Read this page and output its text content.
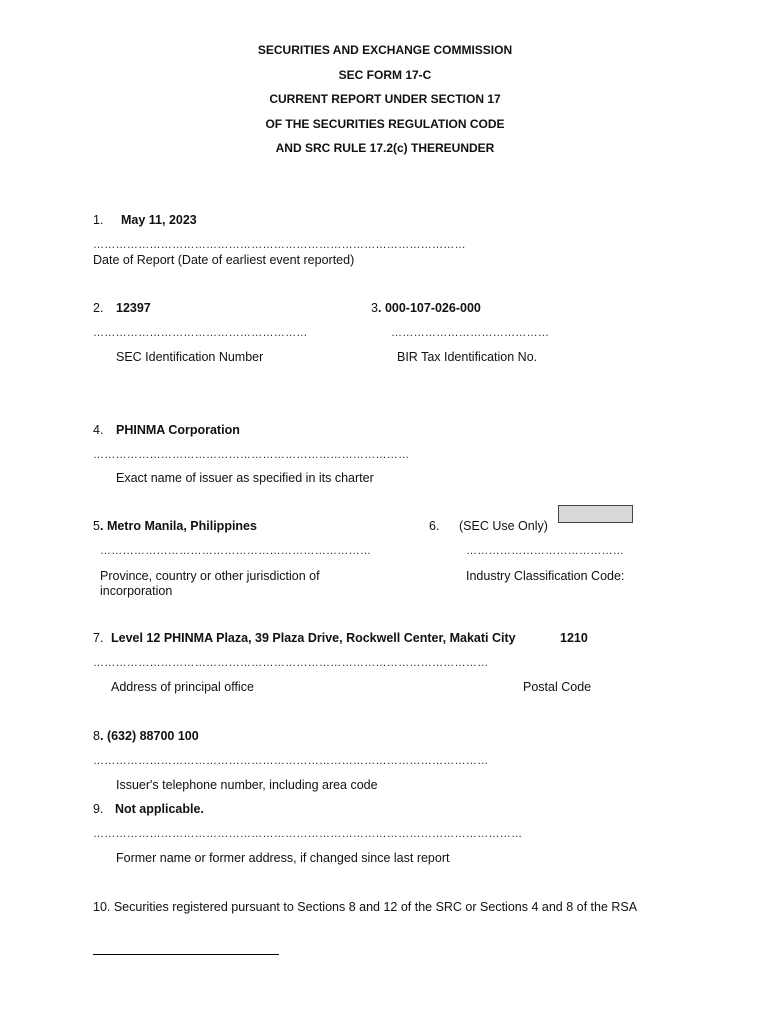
SECURITIES AND EXCHANGE COMMISSION
SEC FORM 17-C
CURRENT REPORT UNDER SECTION 17
OF THE SECURITIES REGULATION CODE
AND SRC RULE 17.2(c) THEREUNDER
1. May 11, 2023
………………………………………………………………………………………
Date of Report (Date of earliest event reported)
2. 12397
…………………………………………………
SEC Identification Number
3 . 000-107-026-000
……………………………………
BIR Tax Identification No.
4. PHINMA Corporation
…………………………………………………………………………
Exact name of issuer as specified in its charter
5 . Metro Manila, Philippines
………………………………………………………………
Province, country or other jurisdiction of
incorporation
6. (SEC Use Only)
……………………………………
Industry Classification Code:
7. Level 12 PHINMA Plaza, 39 Plaza Drive, Rockwell Center, Makati City	1210
……………………………………………………………………………………………
Address of principal office	Postal Code
8 . (632) 88700 100
……………………………………………………………………………………………
Issuer's telephone number, including area code
9. Not applicable.
……………………………………………………………………………………………………
Former name or former address, if changed since last report
10. Securities registered pursuant to Sections 8 and 12 of the SRC or Sections 4 and 8 of the RSA
